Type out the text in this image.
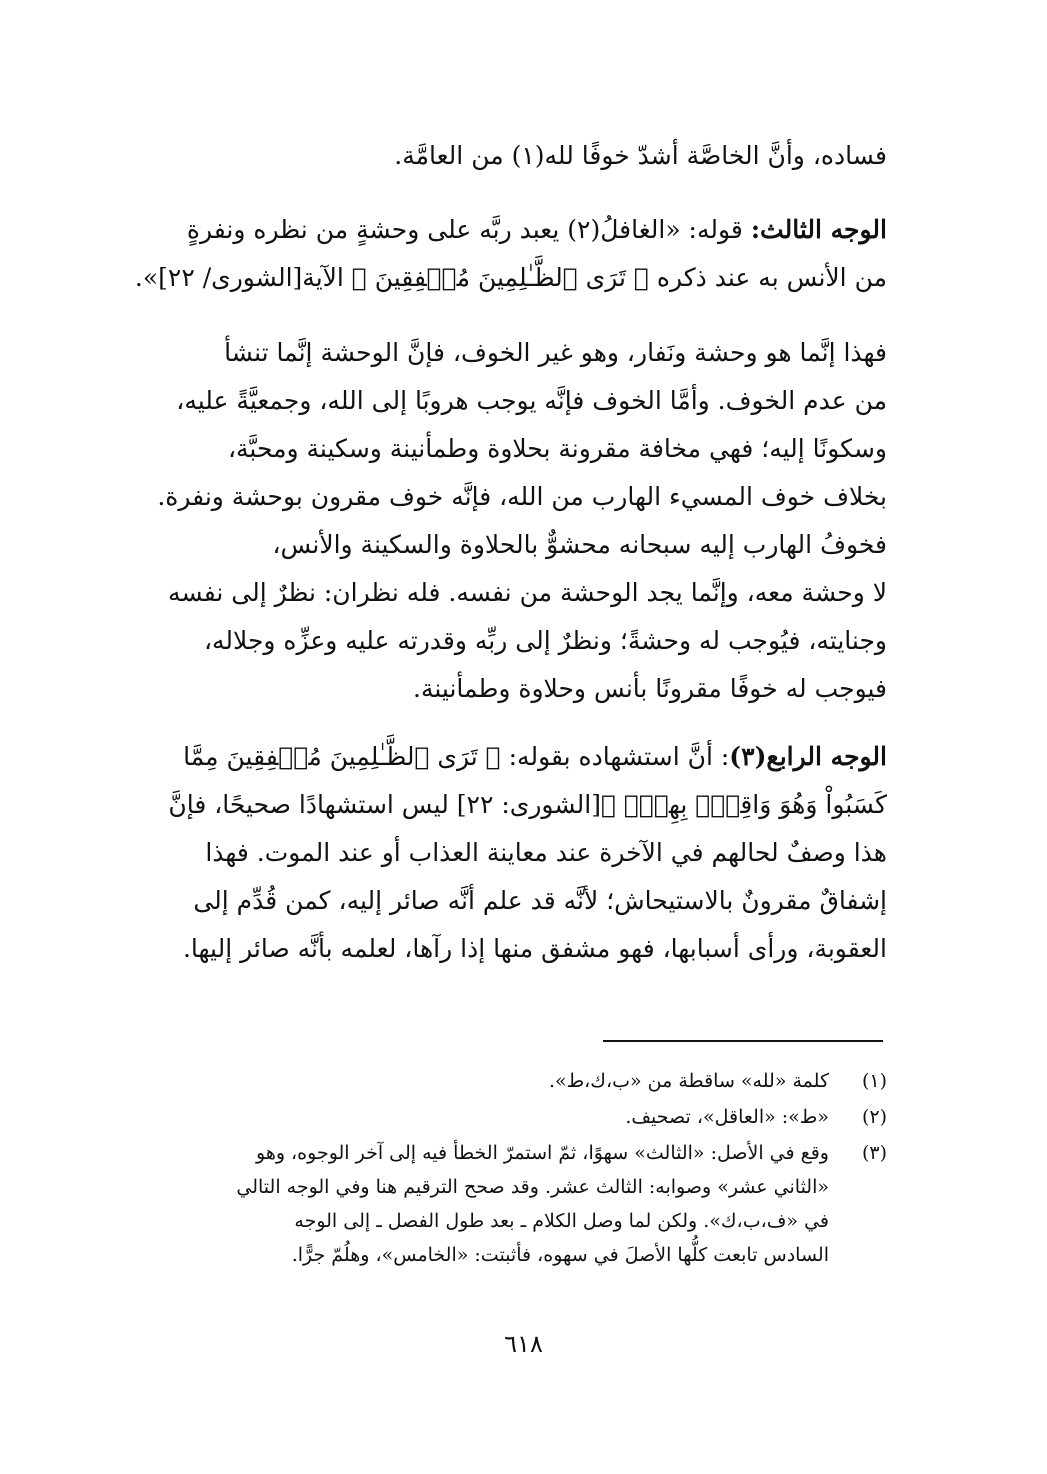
فساده، وأنَّ الخاصَّة أشدّ خوفًا لله(١) من العامَّة.
الوجه الثالث: قوله: «الغافلُ(٢) يعبد ربَّه على وحشةٍ من نظره ونفرةٍ
من الأنس به عند ذكره ﴿ تَرَى ٱلظَّـٰلِمِينَ مُشۡفِقِينَ ﴾ الآية[الشورى/ ٢٢]».
فهذا إنَّما هو وحشة ونَفار، وهو غير الخوف، فإنَّ الوحشة إنَّما تنشأ
من عدم الخوف. وأمَّا الخوف فإنَّه يوجب هروبًا إلى الله، وجمعيَّةً عليه،
وسكونًا إليه؛ فهي مخافة مقرونة بحلاوة وطمأنينة وسكينة ومحبَّة،
بخلاف خوف المسيء الهارب من الله، فإنَّه خوف مقرون بوحشة ونفرة.
فخوفُ الهارب إليه سبحانه محشوٌّ بالحلاوة والسكينة والأنس،
لا وحشة معه، وإنَّما يجد الوحشة من نفسه. فله نظران: نظرٌ إلى نفسه
وجنايته، فيُوجب له وحشةً؛ ونظرٌ إلى ربِّه وقدرته عليه وعزِّه وجلاله،
فيوجب له خوفًا مقرونًا بأنس وحلاوة وطمأنينة.
الوجه الرابع(٣): أنَّ استشهاده بقوله: ﴿ تَرَى ٱلظَّـٰلِمِينَ مُشۡفِقِينَ مِمَّا
كَسَبُواْ وَهُوَ وَاقِعُۢ بِهِمۡۗ ﴾[الشورى: ٢٢] ليس استشهادًا صحيحًا، فإنَّ
هذا وصفٌ لحالهم في الآخرة عند معاينة العذاب أو عند الموت. فهذا
إشفاقٌ مقرونٌ بالاستيحاش؛ لأنَّه قد علم أنَّه صائر إليه، كمن قُدِّم إلى
العقوبة، ورأى أسبابها، فهو مشفق منها إذا رآها، لعلمه بأنَّه صائر إليها.
(١)
كلمة «لله» ساقطة من «ب،ك،ط».
(٢)
«ط»: «العاقل»، تصحيف.
(٣)
وقع في الأصل: «الثالث» سهوًا، ثمّ استمرّ الخطأ فيه إلى آخر الوجوه، وهو
«الثاني عشر» وصوابه: الثالث عشر. وقد صحح الترقيم هنا وفي الوجه التالي
في «ف،ب،ك». ولكن لما وصل الكلام ـ بعد طول الفصل ـ إلى الوجه
السادس تابعت كلُّها الأصلَ في سهوه، فأثبتت: «الخامس»، وهلُمّ جرًّا.
٦١٨
